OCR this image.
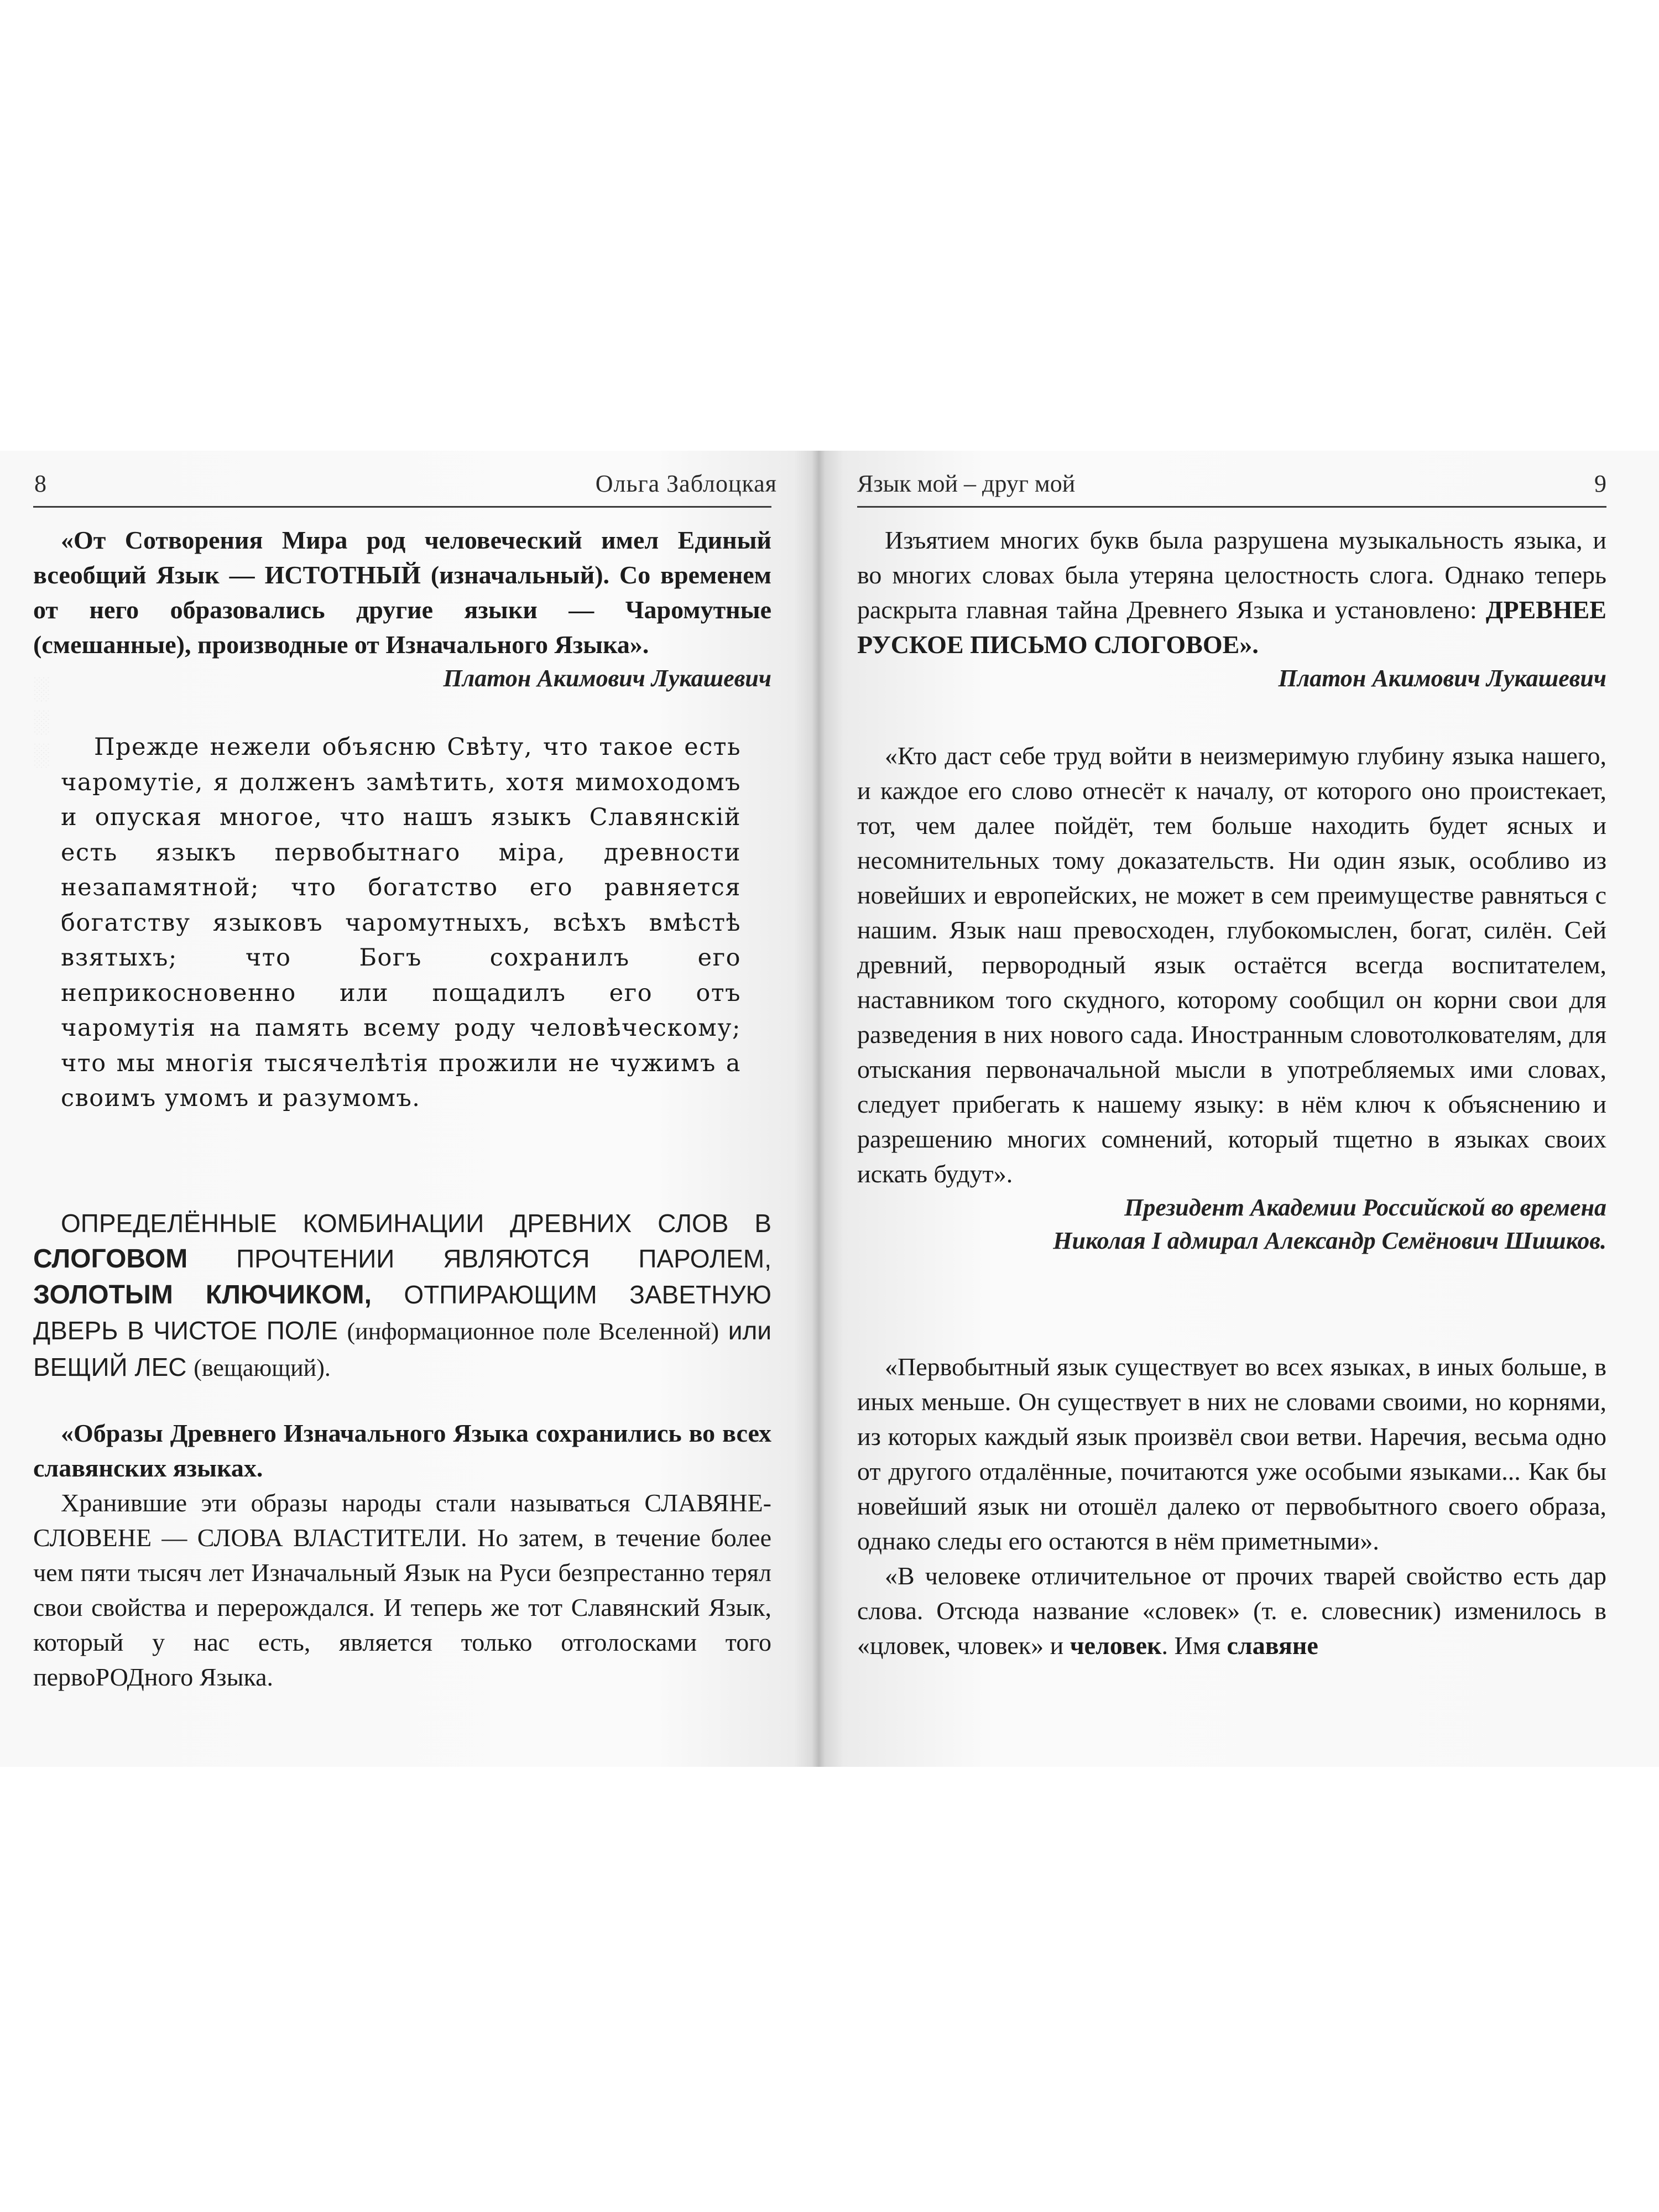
8	Ольга Заблоцкая

«От Сотворения Мира род человеческий имел Единый всеобщий Язык — ИСТОТНЫЙ (изначальный). Со временем от него образовались другие языки — Чаромутные (смешанные), производные от Изначального Языка».

Платон Акимович Лукашевич

Прежде нежели объясню Свѣту, что такое есть чаромутіе, я долженъ замѣтить, хотя мимоходомъ и опуская многое, что нашъ языкъ Славянскій есть языкъ первобытнаго міра, древности незапамятной; что богатство его равняется богатству языковъ чаромутныхъ, всѣхъ вмѣстѣ взятыхъ; что Богъ сохранилъ его неприкосновенно или пощадилъ его отъ чаромутія на память всему роду человѣческому; что мы многія тысячелѣтія прожили не чужимъ а своимъ умомъ и разумомъ.

ОПРЕДЕЛЁННЫЕ КОМБИНАЦИИ ДРЕВНИХ СЛОВ В СЛОГОВОМ ПРОЧТЕНИИ ЯВЛЯЮТСЯ ПАРОЛЕМ, ЗОЛОТЫМ КЛЮЧИКОМ, ОТПИРАЮЩИМ ЗАВЕТНУЮ ДВЕРЬ В ЧИСТОЕ ПОЛЕ (информационное поле Вселенной) или ВЕЩИЙ ЛЕС (вещающий).

«Образы Древнего Изначального Языка сохранились во всех славянских языках.

Хранившие эти образы народы стали называться СЛАВЯНЕ-СЛОВЕНЕ — СЛОВА ВЛАСТИТЕЛИ. Но затем, в течение более чем пяти тысяч лет Изначальный Язык на Руси безпрестанно терял свои свойства и перерождался. И теперь же тот Славянский Язык, который у нас есть, является только отголосками того первоРОДного Языка.

Язык мой – друг мой	9

Изъятием многих букв была разрушена музыкальность языка, и во многих словах была утеряна целостность слога. Однако теперь раскрыта главная тайна Древнего Языка и установлено: ДРЕВНЕЕ РУСКОЕ ПИСЬМО СЛОГОВОЕ».

Платон Акимович Лукашевич

«Кто даст себе труд войти в неизмеримую глубину языка нашего, и каждое его слово отнесёт к началу, от которого оно проистекает, тот, чем далее пойдёт, тем больше находить будет ясных и несомнительных тому доказательств. Ни один язык, особливо из новейших и европейских, не может в сем преимуществе равняться с нашим. Язык наш превосходен, глубокомыслен, богат, силён. Сей древний, первородный язык остаётся всегда воспитателем, наставником того скудного, которому сообщил он корни свои для разведения в них нового сада. Иностранным словотолкователям, для отыскания первоначальной мысли в употребляемых ими словах, следует прибегать к нашему языку: в нём ключ к объяснению и разрешению многих сомнений, который тщетно в языках своих искать будут».

Президент Академии Российской во времена
Николая I адмирал Александр Семёнович Шишков.

«Первобытный язык существует во всех языках, в иных больше, в иных меньше. Он существует в них не словами своими, но корнями, из которых каждый язык произвёл свои ветви. Наречия, весьма одно от другого отдалённые, почитаются уже особыми языками... Как бы новейший язык ни отошёл далеко от первобытного своего образа, однако следы его остаются в нём приметными».

«В человеке отличительное от прочих тварей свойство есть дар слова. Отсюда название «словек» (т. е. словесник) изменилось в «цловек, чловек» и человек. Имя славяне
